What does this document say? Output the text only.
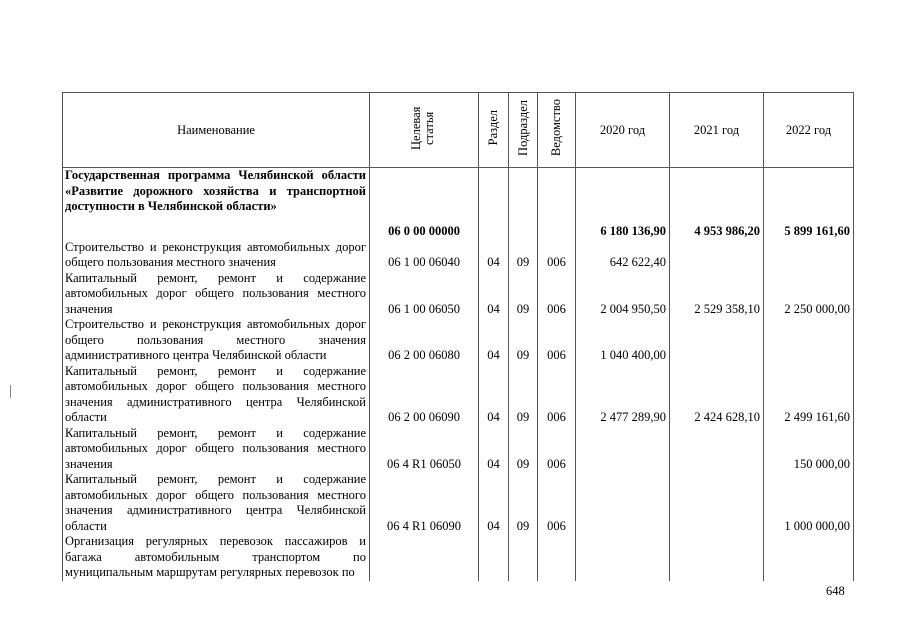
Наименование	Целевая статья	Раздел	Подраздел	Ведомство	2020 год	2021 год	2022 год
Государственная программа Челябинской области «Развитие дорожного хозяйства и транспортной доступности в Челябинской области»	06 0 00 00000				6 180 136,90	4 953 986,20	5 899 161,60
Строительство и реконструкция автомобильных дорог общего пользования местного значения	06 1 00 06040	04	09	006	642 622,40		
Капитальный ремонт, ремонт и содержание автомобильных дорог общего пользования местного значения	06 1 00 06050	04	09	006	2 004 950,50	2 529 358,10	2 250 000,00
Строительство и реконструкция автомобильных дорог общего пользования местного значения административного центра Челябинской области	06 2 00 06080	04	09	006	1 040 400,00		
Капитальный ремонт, ремонт и содержание автомобильных дорог общего пользования местного значения административного центра Челябинской области	06 2 00 06090	04	09	006	2 477 289,90	2 424 628,10	2 499 161,60
Капитальный ремонт, ремонт и содержание автомобильных дорог общего пользования местного значения	06 4 R1 06050	04	09	006			150 000,00
Капитальный ремонт, ремонт и содержание автомобильных дорог общего пользования местного значения административного центра Челябинской области	06 4 R1 06090	04	09	006			1 000 000,00
Организация регулярных перевозок пассажиров и багажа автомобильным транспортом по муниципальным маршрутам регулярных перевозок по							
648
